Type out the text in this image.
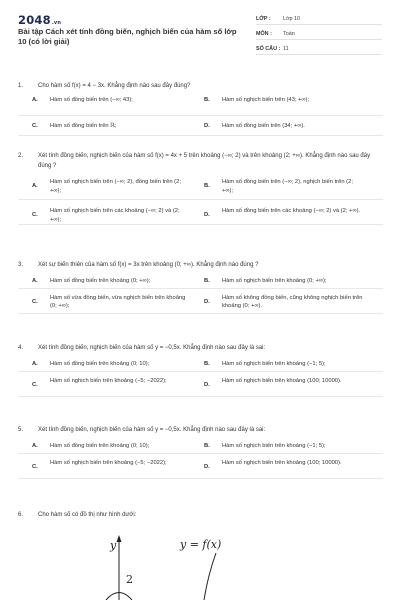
2048.vn
Bài tập Cách xét tính đồng biến, nghịch biến của hàm số lớp 10 (có lời giải)
LỚP : Lớp 10
MÔN : Toán
SỐ CÂU : 11
1. Cho hàm số f(x) = 4 − 3x. Khẳng định nào sau đây đúng?
A. Hàm số đồng biến trên (−∞; 43);	B. Hàm số nghịch biến trên (43; +∞);
C. Hàm số đồng biến trên ℝ;	D. Hàm số đồng biến trên (34; +∞).
2. Xét tính đồng biến, nghịch biến của hàm số f(x) = 4x + 5 trên khoảng (−∞; 2) và trên khoảng (2; +∞). Khẳng định nào sau đây đúng ?
A.
Hàm số nghịch biến trên (−∞; 2), đồng biến trên (2; +∞);
B.
Hàm số đồng biến trên (−∞; 2), nghịch biến trên (2; +∞);
C.
Hàm số nghịch biến trên các khoảng (−∞; 2) và (2; +∞);
D.
Hàm số đồng biến trên các khoảng (−∞; 2) và (2; +∞).
3. Xét sự biến thiên của hàm số f(x) = 3x trên khoảng (0; +∞). Khẳng định nào đúng ?
A. Hàm số đồng biến trên khoảng (0; +∞);	B. Hàm số nghịch biến trên khoảng (0; +∞);
C.
Hàm số vừa đồng biến, vừa nghịch biến trên khoảng (0; +∞);
D.
Hàm số không đồng biến, cũng không nghịch biến trên khoảng (0; +∞).
4. Xét tính đồng biến, nghịch biến của hàm số y = −0,5x. Khẳng định nào sau đây là sai:
A. Hàm số đồng biến trên khoảng (0; 10);	B. Hàm số nghịch biến trên khoảng (−1; 5);
C.
Hàm số nghịch biến trên khoảng (−5; −2022);
D.
Hàm số nghịch biến trên khoảng (100; 10000).
5. Xét tính đồng biến, nghịch biến của hàm số y = −0,5x. Khẳng định nào sau đây là sai:
A. Hàm số đồng biến trên khoảng (0; 10);	B. Hàm số nghịch biến trên khoảng (−1; 5);
C.
Hàm số nghịch biến trên khoảng (−5; −2022);
D.
Hàm số nghịch biến trên khoảng (100; 10000).
6. Cho hàm số có đồ thị như hình dưới:
y	y = f(x)
2
